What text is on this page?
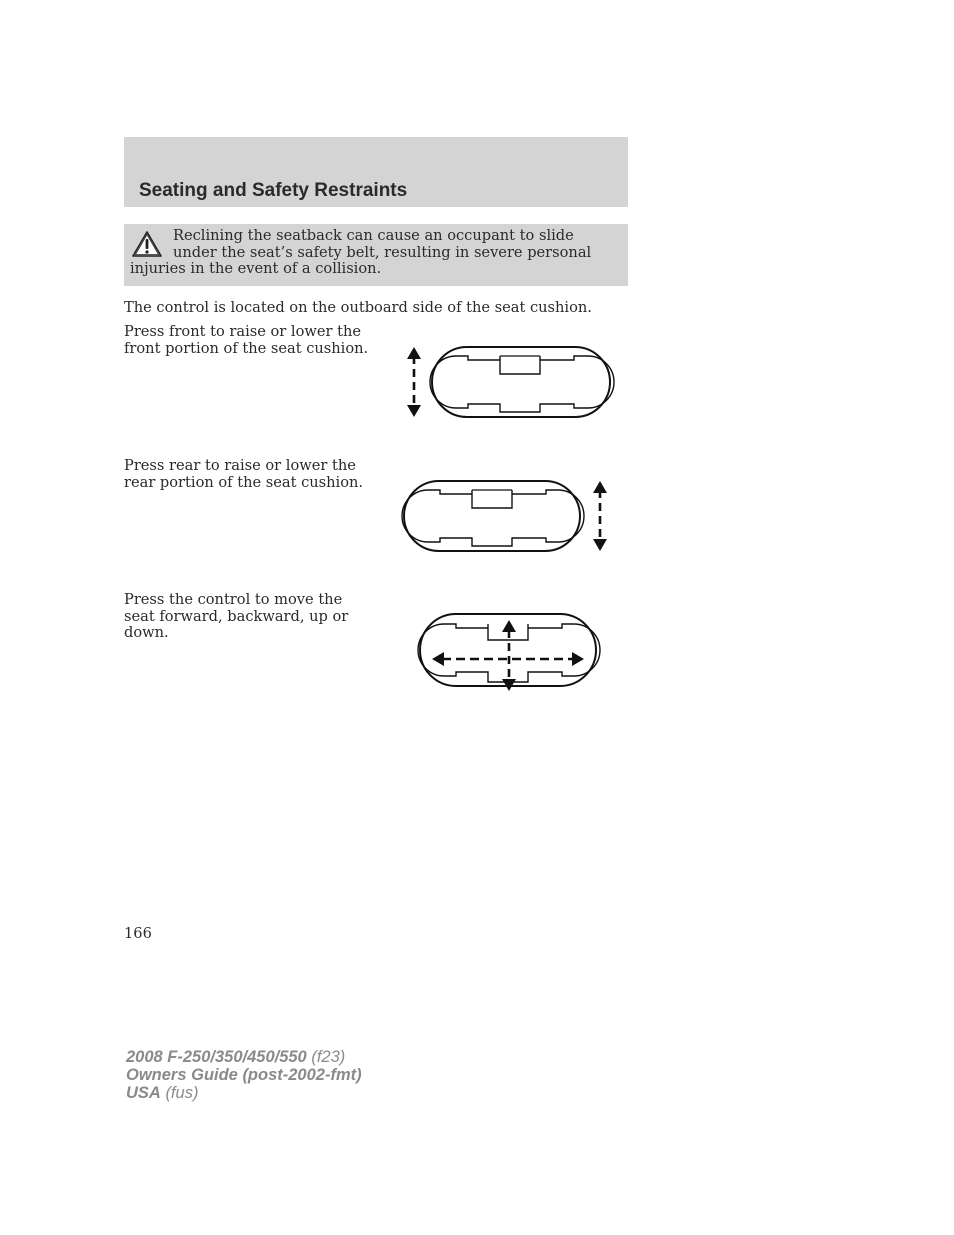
Seating and Safety Restraints

Reclining the seatback can cause an occupant to slide under the seat’s safety belt, resulting in severe personal injuries in the event of a collision.

The control is located on the outboard side of the seat cushion.

Press front to raise or lower the front portion of the seat cushion.

Press rear to raise or lower the rear portion of the seat cushion.

Press the control to move the seat forward, backward, up or down.

166

2008 F-250/350/450/550 (f23)
Owners Guide (post-2002-fmt)
USA (fus)
